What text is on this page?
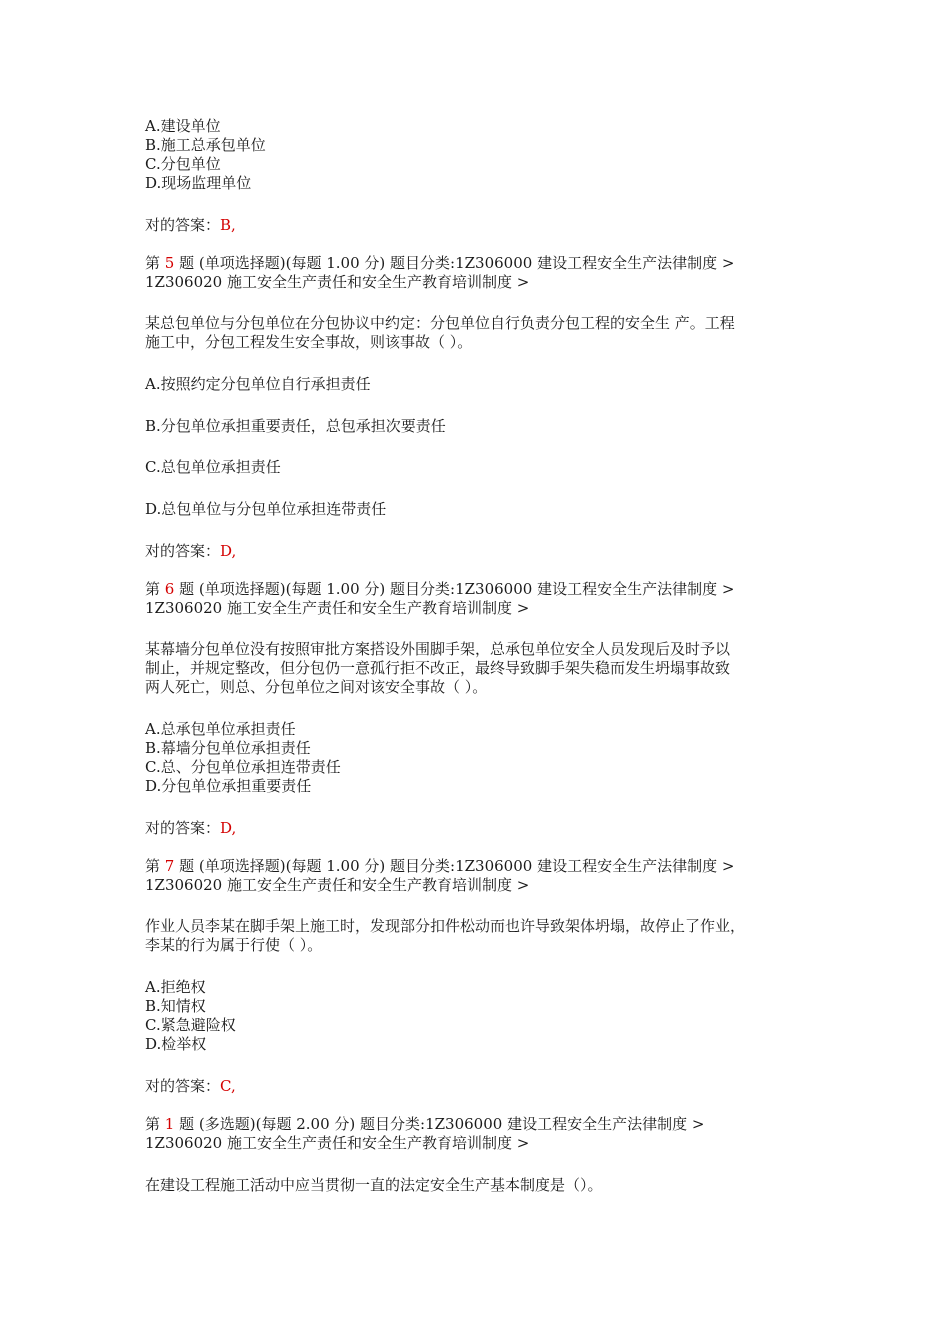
A.建设单位
B.施工总承包单位
C.分包单位
D.现场监理单位
对的答案：B,
第 5 题 (单项选择题)(每题 1.00 分) 题目分类:1Z306000 建设工程安全生产法律制度 >
1Z306020 施工安全生产责任和安全生产教育培训制度 >
某总包单位与分包单位在分包协议中约定：分包单位自行负责分包工程的安全生 产。工程
施工中，分包工程发生安全事故，则该事故（ ）。
A.按照约定分包单位自行承担责任
B.分包单位承担重要责任，总包承担次要责任
C.总包单位承担责任
D.总包单位与分包单位承担连带责任
对的答案：D,
第 6 题 (单项选择题)(每题 1.00 分) 题目分类:1Z306000 建设工程安全生产法律制度 >
1Z306020 施工安全生产责任和安全生产教育培训制度 >
某幕墙分包单位没有按照审批方案搭设外围脚手架，总承包单位安全人员发现后及时予以
制止，并规定整改，但分包仍一意孤行拒不改正，最终导致脚手架失稳而发生坍塌事故致
两人死亡，则总、分包单位之间对该安全事故（ ）。
A.总承包单位承担责任
B.幕墙分包单位承担责任
C.总、分包单位承担连带责任
D.分包单位承担重要责任
对的答案：D,
第 7 题 (单项选择题)(每题 1.00 分) 题目分类:1Z306000 建设工程安全生产法律制度 >
1Z306020 施工安全生产责任和安全生产教育培训制度 >
作业人员李某在脚手架上施工时，发现部分扣件松动而也许导致架体坍塌，故停止了作业，
李某的行为属于行使（ ）。
A.拒绝权
B.知情权
C.紧急避险权
D.检举权
对的答案：C,
第 1 题 (多选题)(每题 2.00 分) 题目分类:1Z306000 建设工程安全生产法律制度 >
1Z306020 施工安全生产责任和安全生产教育培训制度 >
在建设工程施工活动中应当贯彻一直的法定安全生产基本制度是（）。
